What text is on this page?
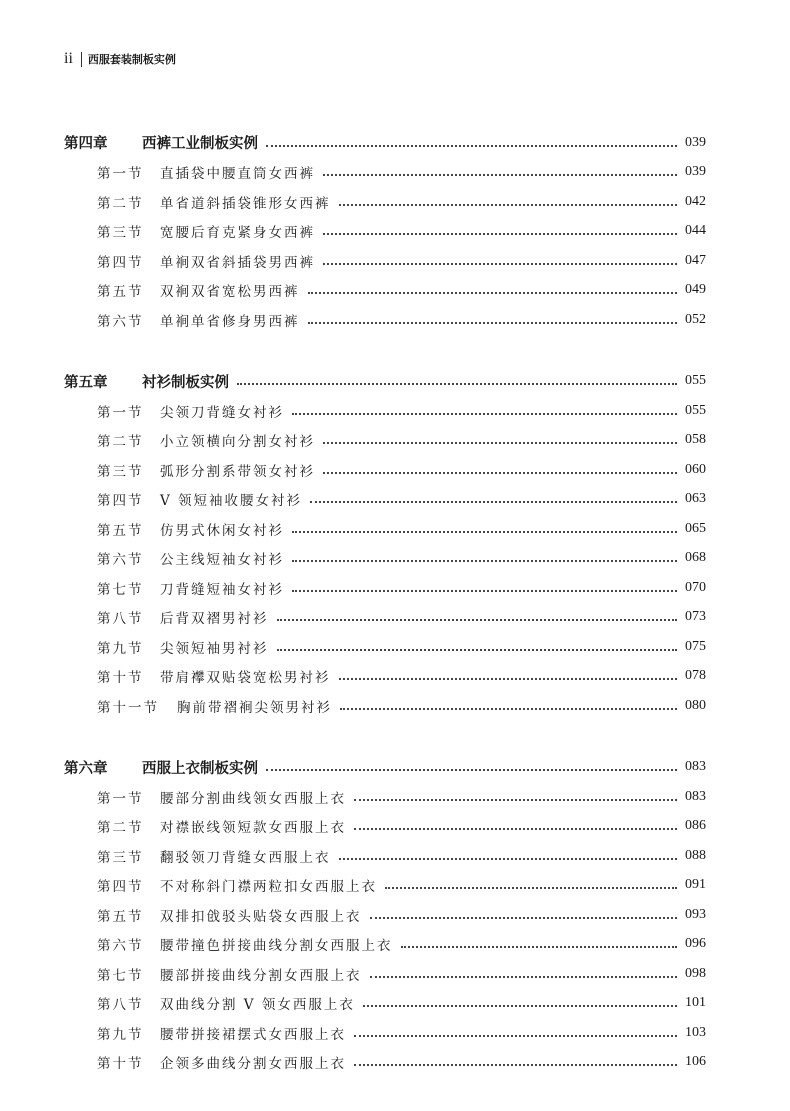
ii 西服套装制板实例
第四章	西裤工业制板实例	039
第一节	直插袋中腰直筒女西裤	039
第二节	单省道斜插袋锥形女西裤	042
第三节	宽腰后育克紧身女西裤	044
第四节	单裥双省斜插袋男西裤	047
第五节	双裥双省宽松男西裤	049
第六节	单裥单省修身男西裤	052
第五章	衬衫制板实例	055
第一节	尖领刀背缝女衬衫	055
第二节	小立领横向分割女衬衫	058
第三节	弧形分割系带领女衬衫	060
第四节	V 领短袖收腰女衬衫	063
第五节	仿男式休闲女衬衫	065
第六节	公主线短袖女衬衫	068
第七节	刀背缝短袖女衬衫	070
第八节	后背双褶男衬衫	073
第九节	尖领短袖男衬衫	075
第十节	带肩襻双贴袋宽松男衬衫	078
第十一节	胸前带褶裥尖领男衬衫	080
第六章	西服上衣制板实例	083
第一节	腰部分割曲线领女西服上衣	083
第二节	对襟嵌线领短款女西服上衣	086
第三节	翻驳领刀背缝女西服上衣	088
第四节	不对称斜门襟两粒扣女西服上衣	091
第五节	双排扣戗驳头贴袋女西服上衣	093
第六节	腰带撞色拼接曲线分割女西服上衣	096
第七节	腰部拼接曲线分割女西服上衣	098
第八节	双曲线分割 V 领女西服上衣	101
第九节	腰带拼接裙摆式女西服上衣	103
第十节	企领多曲线分割女西服上衣	106
